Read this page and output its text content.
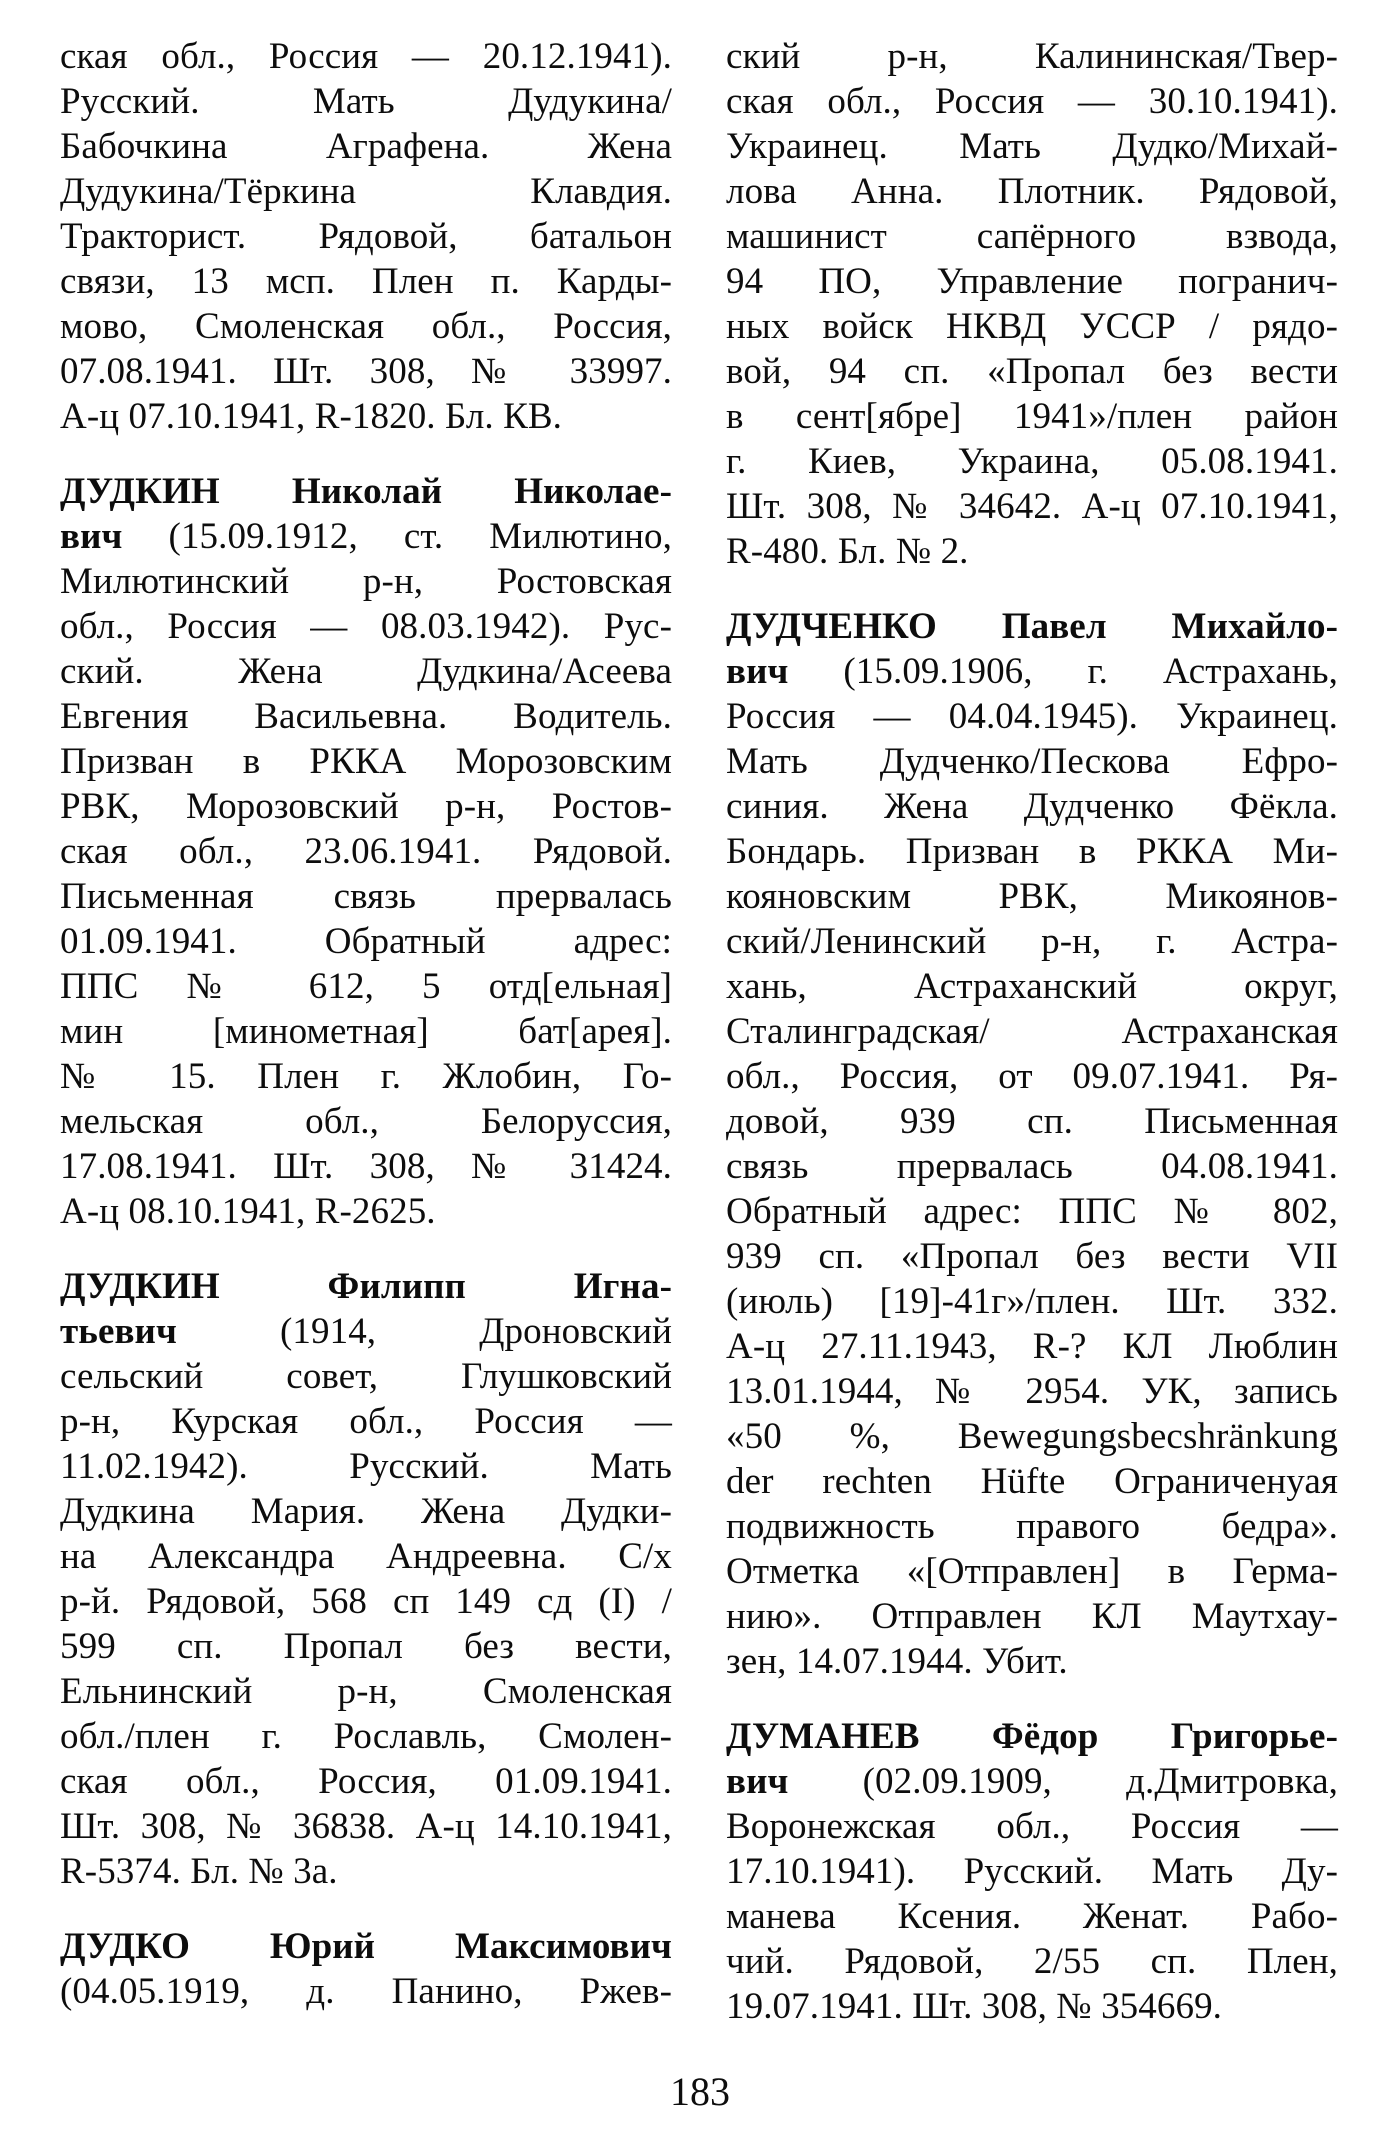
ская обл., Россия — 20.12.1941).
Русский. Мать Дудукина/
Бабочкина Аграфена. Жена
Дудукина/Тёркина Клавдия.
Тракторист. Рядовой, батальон
связи, 13 мсп. Плен п. Карды-
мово, Смоленская обл., Россия,
07.08.1941. Шт. 308, № 33997.
А-ц 07.10.1941, R-1820. Бл. КВ.
ДУДКИН Николай Николае-
вич (15.09.1912, ст. Милютино,
Милютинский р-н, Ростовская
обл., Россия — 08.03.1942). Рус-
ский. Жена Дудкина/Асеева
Евгения Васильевна. Водитель.
Призван в РККА Морозовским
РВК, Морозовский р-н, Ростов-
ская обл., 23.06.1941. Рядовой.
Письменная связь прервалась
01.09.1941. Обратный адрес:
ППС № 612, 5 отд[ельная]
мин [минометная] бат[арея].
№ 15. Плен г. Жлобин, Го-
мельская обл., Белоруссия,
17.08.1941. Шт. 308, № 31424.
А-ц 08.10.1941, R-2625.
ДУДКИН Филипп Игна-
тьевич (1914, Дроновский
сельский совет, Глушковский
р-н, Курская обл., Россия —
11.02.1942). Русский. Мать
Дудкина Мария. Жена Дудки-
на Александра Андреевна. С/х
р-й. Рядовой, 568 сп 149 сд (I) /
599 сп. Пропал без вести,
Ельнинский р-н, Смоленская
обл./плен г. Рославль, Смолен-
ская обл., Россия, 01.09.1941.
Шт. 308, № 36838. А-ц 14.10.1941,
R-5374. Бл. № 3а.
ДУДКО Юрий Максимович
(04.05.1919, д. Панино, Ржев-
ский р-н, Калининская/Твер-
ская обл., Россия — 30.10.1941).
Украинец. Мать Дудко/Михай-
лова Анна. Плотник. Рядовой,
машинист сапёрного взвода,
94 ПО, Управление погранич-
ных войск НКВД УССР / рядо-
вой, 94 сп. «Пропал без вести
в сент[ябре] 1941»/плен район
г. Киев, Украина, 05.08.1941.
Шт. 308, № 34642. А-ц 07.10.1941,
R-480. Бл. № 2.
ДУДЧЕНКО Павел Михайло-
вич (15.09.1906, г. Астрахань,
Россия — 04.04.1945). Украинец.
Мать Дудченко/Пескова Ефро-
синия. Жена Дудченко Фёкла.
Бондарь. Призван в РККА Ми-
кояновским РВК, Микоянов-
ский/Ленинский р-н, г. Астра-
хань, Астраханский округ,
Сталинградская/ Астраханская
обл., Россия, от 09.07.1941. Ря-
довой, 939 сп. Письменная
связь прервалась 04.08.1941.
Обратный адрес: ППС № 802,
939 сп. «Пропал без вести VII
(июль) [19]-41г»/плен. Шт. 332.
А-ц 27.11.1943, R-? КЛ Люблин
13.01.1944, № 2954. УК, запись
«50 %, Bewegungsbecshränkung
der rechten Hüfte Ограниченуая
подвижность правого бедра».
Отметка «[Отправлен] в Герма-
нию». Отправлен КЛ Маутхау-
зен, 14.07.1944. Убит.
ДУМАНЕВ Фёдор Григорье-
вич (02.09.1909, д.Дмитровка,
Воронежская обл., Россия —
17.10.1941). Русский. Мать Ду-
манева Ксения. Женат. Рабо-
чий. Рядовой, 2/55 сп. Плен,
19.07.1941. Шт. 308, № 354669.
183
